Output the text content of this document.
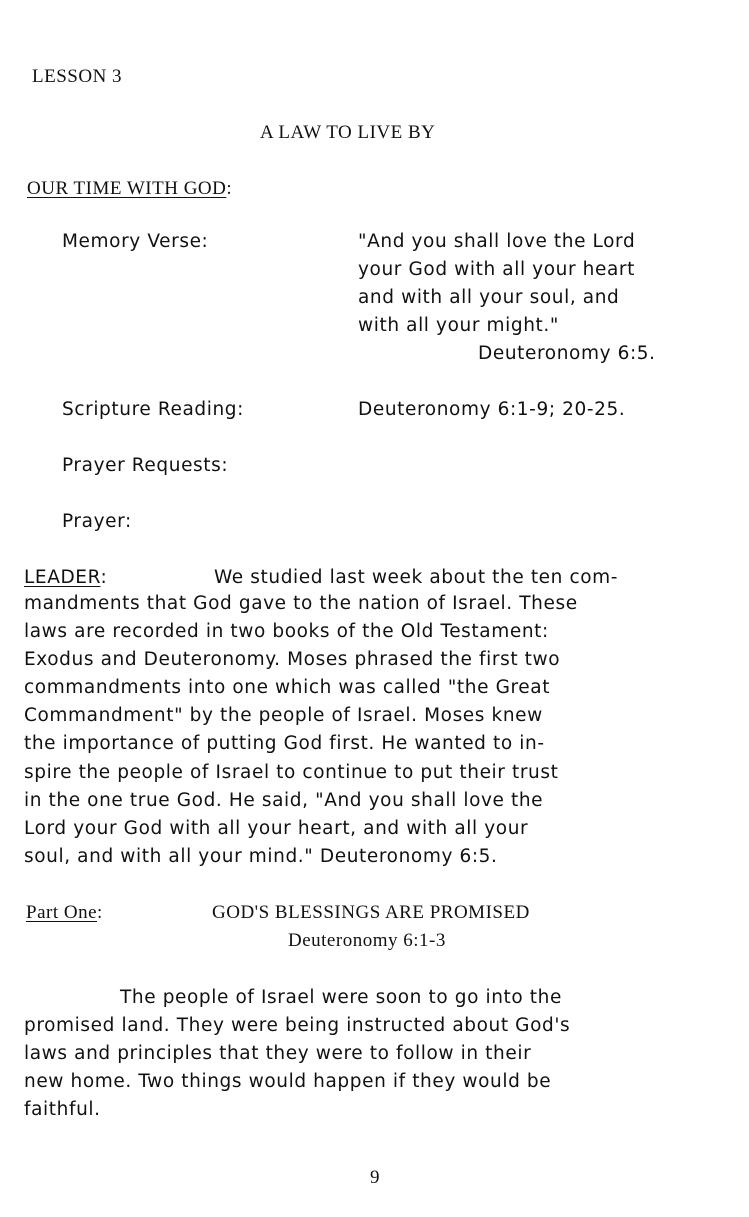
LESSON 3

A LAW TO LIVE BY

OUR TIME WITH GOD:

Memory Verse:	"And you shall love the Lord
your God with all your heart
and with all your soul, and
with all your might."

Deuteronomy 6:5.

Scripture Reading:	Deuteronomy 6:1-9; 20-25.

Prayer Requests:

Prayer:

LEADER:	We studied last week about the ten com-

mandments that God gave to the nation of Israel. These
laws are recorded in two books of the Old Testament:
Exodus and Deuteronomy. Moses phrased the first two
commandments into one which was called "the Great
Commandment" by the people of Israel. Moses knew
the importance of putting God first. He wanted to in-
spire the people of Israel to continue to put their trust
in the one true God. He said, "And you shall love the
Lord your God with all your heart, and with all your
soul, and with all your mind." Deuteronomy 6:5.

Part One:	GOD'S BLESSINGS ARE PROMISED

Deuteronomy 6:1-3

The people of Israel were soon to go into the
promised land. They were being instructed about God's
laws and principles that they were to follow in their
new home. Two things would happen if they would be
faithful.

9
